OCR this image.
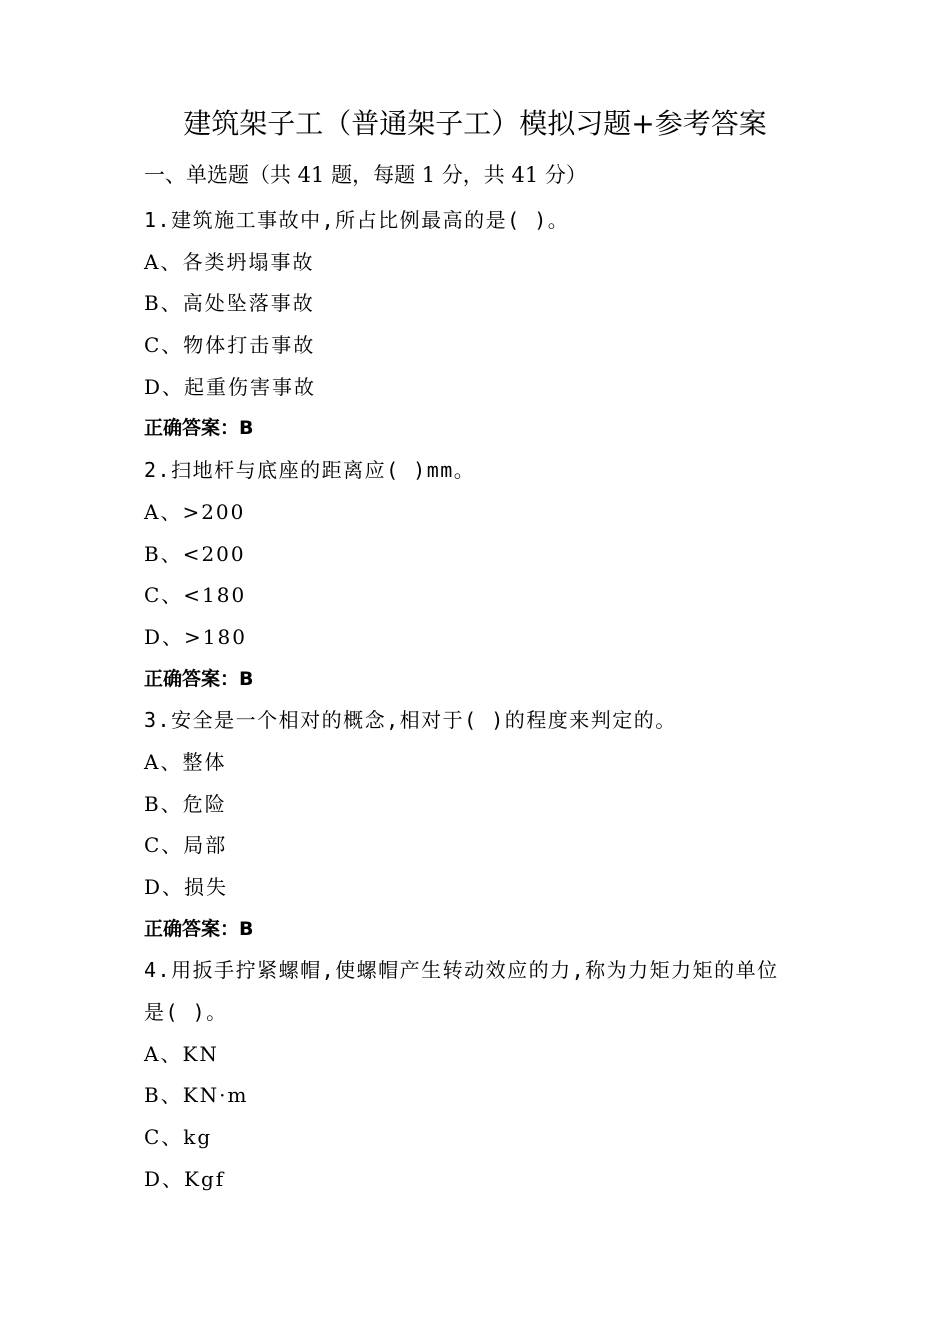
建筑架子工（普通架子工）模拟习题+参考答案
一、单选题（共 41 题，每题 1 分，共 41 分）
1.建筑施工事故中,所占比例最高的是( )。
A、各类坍塌事故
B、高处坠落事故
C、物体打击事故
D、起重伤害事故
正确答案：B
2.扫地杆与底座的距离应( )mm。
A、>200
B、<200
C、<180
D、>180
正确答案：B
3.安全是一个相对的概念,相对于( )的程度来判定的。
A、整体
B、危险
C、局部
D、损失
正确答案：B
4.用扳手拧紧螺帽,使螺帽产生转动效应的力,称为力矩力矩的单位
是( )。
A、KN
B、KN·m
C、kg
D、Kgf
